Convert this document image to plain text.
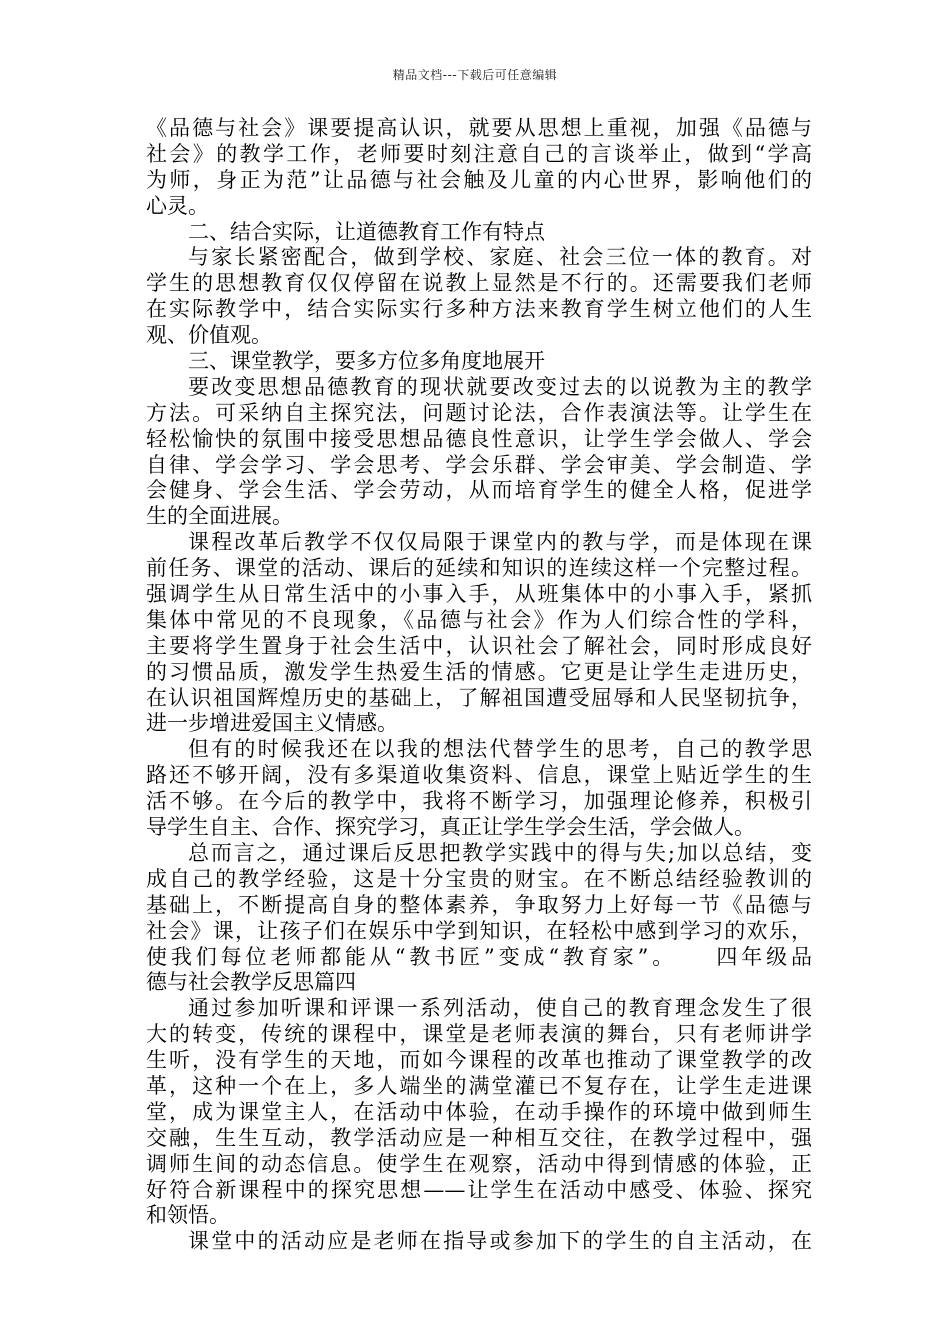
精品文档---下载后可任意编辑
《品德与社会》课要提高认识，就要从思想上重视，加强《品德与
社会》的教学工作，老师要时刻注意自己的言谈举止，做到“学高
为师，身正为范”让品德与社会触及儿童的内心世界，影响他们的
心灵。
二、结合实际，让道德教育工作有特点
与家长紧密配合，做到学校、家庭、社会三位一体的教育。对
学生的思想教育仅仅停留在说教上显然是不行的。还需要我们老师
在实际教学中，结合实际实行多种方法来教育学生树立他们的人生
观、价值观。
三、课堂教学，要多方位多角度地展开
要改变思想品德教育的现状就要改变过去的以说教为主的教学
方法。可采纳自主探究法，问题讨论法，合作表演法等。让学生在
轻松愉快的氛围中接受思想品德良性意识，让学生学会做人、学会
自律、学会学习、学会思考、学会乐群、学会审美、学会制造、学
会健身、学会生活、学会劳动，从而培育学生的健全人格，促进学
生的全面进展。
课程改革后教学不仅仅局限于课堂内的教与学，而是体现在课
前任务、课堂的活动、课后的延续和知识的连续这样一个完整过程。
强调学生从日常生活中的小事入手，从班集体中的小事入手，紧抓
集体中常见的不良现象，《品德与社会》作为人们综合性的学科，
主要将学生置身于社会生活中，认识社会了解社会，同时形成良好
的习惯品质，激发学生热爱生活的情感。它更是让学生走进历史，
在认识祖国辉煌历史的基础上，了解祖国遭受屈辱和人民坚韧抗争，
进一步增进爱国主义情感。
但有的时候我还在以我的想法代替学生的思考，自己的教学思
路还不够开阔，没有多渠道收集资料、信息，课堂上贴近学生的生
活不够。在今后的教学中，我将不断学习，加强理论修养，积极引
导学生自主、合作、探究学习，真正让学生学会生活，学会做人。
总而言之，通过课后反思把教学实践中的得与失;加以总结，变
成自己的教学经验，这是十分宝贵的财宝。在不断总结经验教训的
基础上，不断提高自身的整体素养，争取努力上好每一节《品德与
社会》课，让孩子们在娱乐中学到知识，在轻松中感到学习的欢乐，
使我们每位老师都能从“教书匠”变成“教育家”。　　四年级品
德与社会教学反思篇四
通过参加听课和评课一系列活动，使自己的教育理念发生了很
大的转变，传统的课程中，课堂是老师表演的舞台，只有老师讲学
生听，没有学生的天地，而如今课程的改革也推动了课堂教学的改
革，这种一个在上，多人端坐的满堂灌已不复存在，让学生走进课
堂，成为课堂主人，在活动中体验，在动手操作的环境中做到师生
交融，生生互动，教学活动应是一种相互交往，在教学过程中，强
调师生间的动态信息。使学生在观察，活动中得到情感的体验，正
好符合新课程中的探究思想——让学生在活动中感受、体验、探究
和领悟。
课堂中的活动应是老师在指导或参加下的学生的自主活动，在
